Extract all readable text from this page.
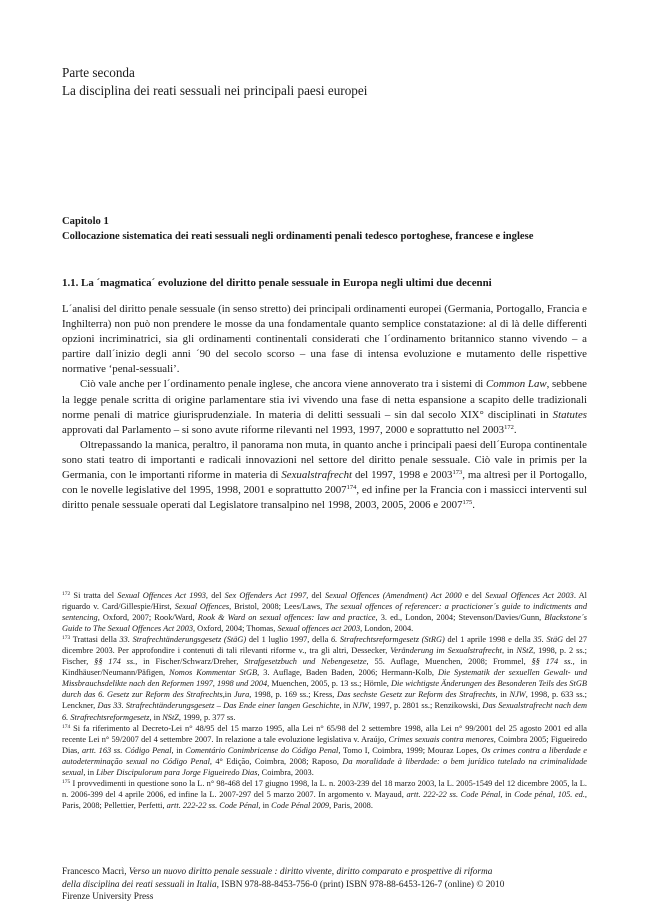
Parte seconda
La disciplina dei reati sessuali nei principali paesi europei
Capitolo 1
Collocazione sistematica dei reati sessuali negli ordinamenti penali tedesco portoghese, francese e inglese
1.1. La ´magmatica´ evoluzione del diritto penale sessuale in Europa negli ultimi due decenni

L´analisi del diritto penale sessuale (in senso stretto) dei principali ordinamenti europei (Germania, Portogallo, Francia e Inghilterra) non può non prendere le mosse da una fondamentale quanto semplice constatazione: al di là delle differenti opzioni incriminatrici, sia gli ordinamenti continentali considerati che l´ordinamento britannico stanno vivendo – a partire dall´inizio degli anni ´90 del secolo scorso – una fase di intensa evoluzione e mutamento delle rispettive normative ‘penal-sessuali’.

Ciò vale anche per l´ordinamento penale inglese, che ancora viene annoverato tra i sistemi di Common Law, sebbene la legge penale scritta di origine parlamentare stia ivi vivendo una fase di netta espansione a scapito delle tradizionali norme penali di matrice giurisprudenziale. In materia di delitti sessuali – sin dal secolo XIX° disciplinati in Statutes approvati dal Parlamento – si sono avute riforme rilevanti nel 1993, 1997, 2000 e soprattutto nel 2003$^{172}$.

Oltrepassando la manica, peraltro, il panorama non muta, in quanto anche i principali paesi dell´Europa continentale sono stati teatro di importanti e radicali innovazioni nel settore del diritto penale sessuale. Ciò vale in primis per la Germania, con le importanti riforme in materia di Sexualstrafrecht del 1997, 1998 e 2003$^{173}$, ma altresì per il Portogallo, con le novelle legislative del 1995, 1998, 2001 e soprattutto 2007$^{174}$, ed infine per la Francia con i massicci interventi sul diritto penale sessuale operati dal Legislatore transalpino nel 1998, 2003, 2005, 2006 e 2007$^{175}$.

$^{172}$ Si tratta del Sexual Offences Act 1993, del Sex Offenders Act 1997, del Sexual Offences (Amendment) Act 2000 e del Sexual Offences Act 2003. Al riguardo v. Card/Gillespie/Hirst, Sexual Offences, Bristol, 2008; Lees/Laws, The sexual offences of referencer: a practicioner´s guide to indictments and sentencing, Oxford, 2007; Rook/Ward, Rook & Ward on sexual offences: law and practice, 3. ed., London, 2004; Stevenson/Davies/Gunn, Blackstone´s Guide to The Sexual Offences Act 2003, Oxford, 2004; Thomas, Sexual offences act 2003, London, 2004.

$^{173}$ Trattasi della 33. Strafrechtänderungsgesetz (StäG) del 1 luglio 1997, della 6. Strafrechtsreformgesetz (StRG) del 1 aprile 1998 e della 35. StäG del 27 dicembre 2003. Per approfondire i contenuti di tali rilevanti riforme v., tra gli altri, Dessecker, Veränderung im Sexualstrafrecht, in NStZ, 1998, p. 2 ss.; Fischer, §§ 174 ss., in Fischer/Schwarz/Dreher, Strafgesetzbuch und Nebengesetze, 55. Auflage, Muenchen, 2008; Frommel, §§ 174 ss., in Kindhäuser/Neumann/Päfigen, Nomos Kommentar StGB, 3. Auflage, Baden Baden, 2006; Hermann-Kolb, Die Systematik der sexuellen Gewalt- und Missbrauchsdelikte nach den Reformen 1997, 1998 und 2004, Muenchen, 2005, p. 13 ss.; Hörnle, Die wichtigste Änderungen des Besonderen Teils des StGB durch das 6. Gesetz zur Reform des Strafrechts,in Jura, 1998, p. 169 ss.; Kress, Das sechste Gesetz zur Reform des Strafrechts, in NJW, 1998, p. 633 ss.; Lenckner, Das 33. Strafrechtänderungsgesetz – Das Ende einer langen Geschichte, in NJW, 1997, p. 2801 ss.; Renzikowski, Das Sexualstrafrecht nach dem 6. Strafrechtsreformgesetz, in NStZ, 1999, p. 377 ss.

$^{174}$ Si fa riferimento al Decreto-Lei n° 48/95 del 15 marzo 1995, alla Lei n° 65/98 del 2 settembre 1998, alla Lei n° 99/2001 del 25 agosto 2001 ed alla recente Lei n° 59/2007 del 4 settembre 2007. In relazione a tale evoluzione legislativa v. Araújo, Crimes sexuais contra menores, Coimbra 2005; Figueiredo Dias, artt. 163 ss. Código Penal, in Comentário Conimbricense do Código Penal, Tomo I, Coimbra, 1999; Mouraz Lopes, Os crimes contra a liberdade e autodeterminação sexual no Código Penal, 4° Edição, Coimbra, 2008; Raposo, Da moralidade à liberdade: o bem jurídico tutelado na criminalidade sexual, in Liber Discipulorum para Jorge Figueiredo Dias, Coimbra, 2003.

$^{175}$ I provvedimenti in questione sono la L. n° 98-468 del 17 giugno 1998, la L. n. 2003-239 del 18 marzo 2003, la L. 2005-1549 del 12 dicembre 2005, la L. n. 2006-399 del 4 aprile 2006, ed infine la L. 2007-297 del 5 marzo 2007. In argomento v. Mayaud, artt. 222-22 ss. Code Pénal, in Code pénal, 105. ed., Paris, 2008; Pellettier, Perfetti, artt. 222-22 ss. Code Pénal, in Code Pénal 2009, Paris, 2008.

Francesco Macrì, Verso un nuovo diritto penale sessuale : diritto vivente, diritto comparato e prospettive di riforma
della disciplina dei reati sessuali in Italia, ISBN 978-88-8453-756-0 (print) ISBN 978-88-6453-126-7 (online) © 2010
Firenze University Press
